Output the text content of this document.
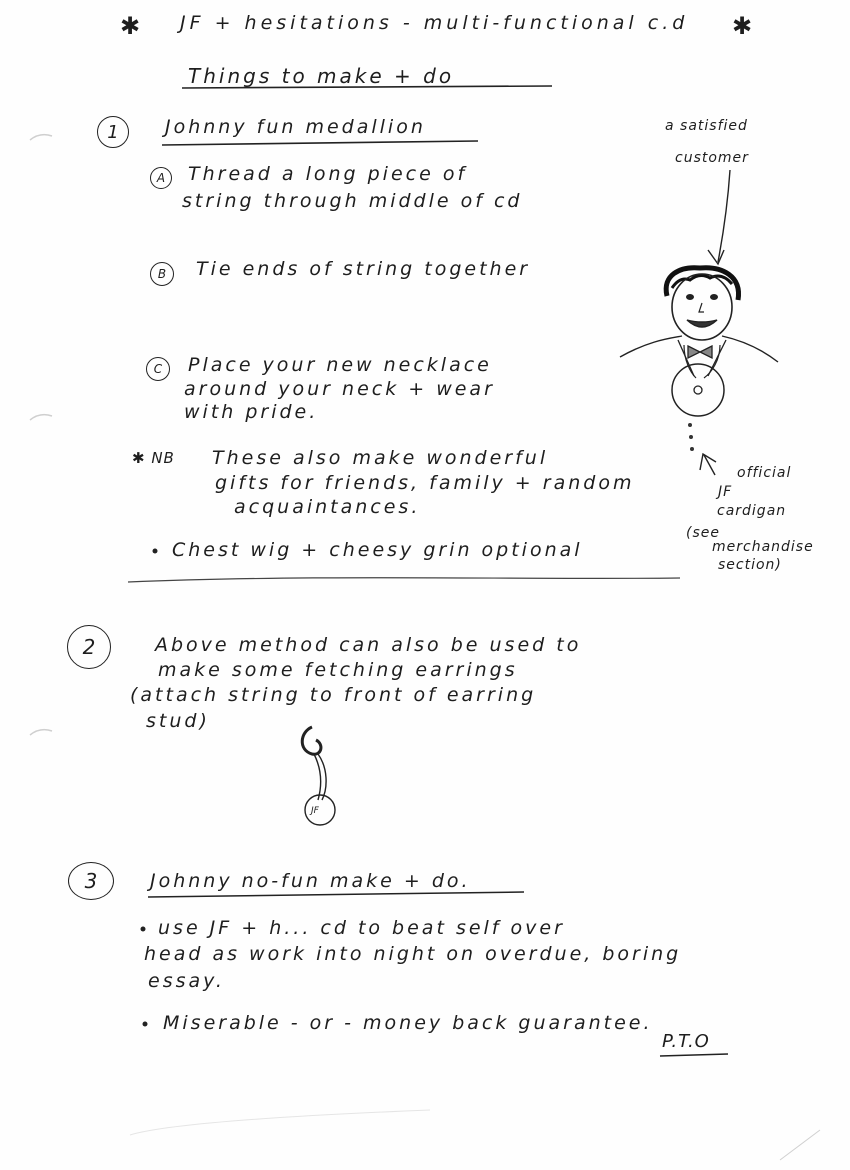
✱ JF + hesitations - multi-functional c.d ✱
Things to make + do
1 Johnny fun medallion
A Thread a long piece of
string through middle of cd
B Tie ends of string together
C Place your new necklace
around your neck + wear
with pride.
✱ NB These also make wonderful
gifts for friends, family + random
acquaintances.
Chest wig + cheesy grin optional
a satisfied
customer
official
JF
cardigan
(see
merchandise
section)
2	Above method can also be used to
make some fetching earrings
(attach string to front of earring
stud)
JF
3	Johnny no-fun make + do.
use JF + h... cd to beat self over
head as work into night on overdue, boring
essay.
Miserable - or - money back guarantee.
P.T.O
